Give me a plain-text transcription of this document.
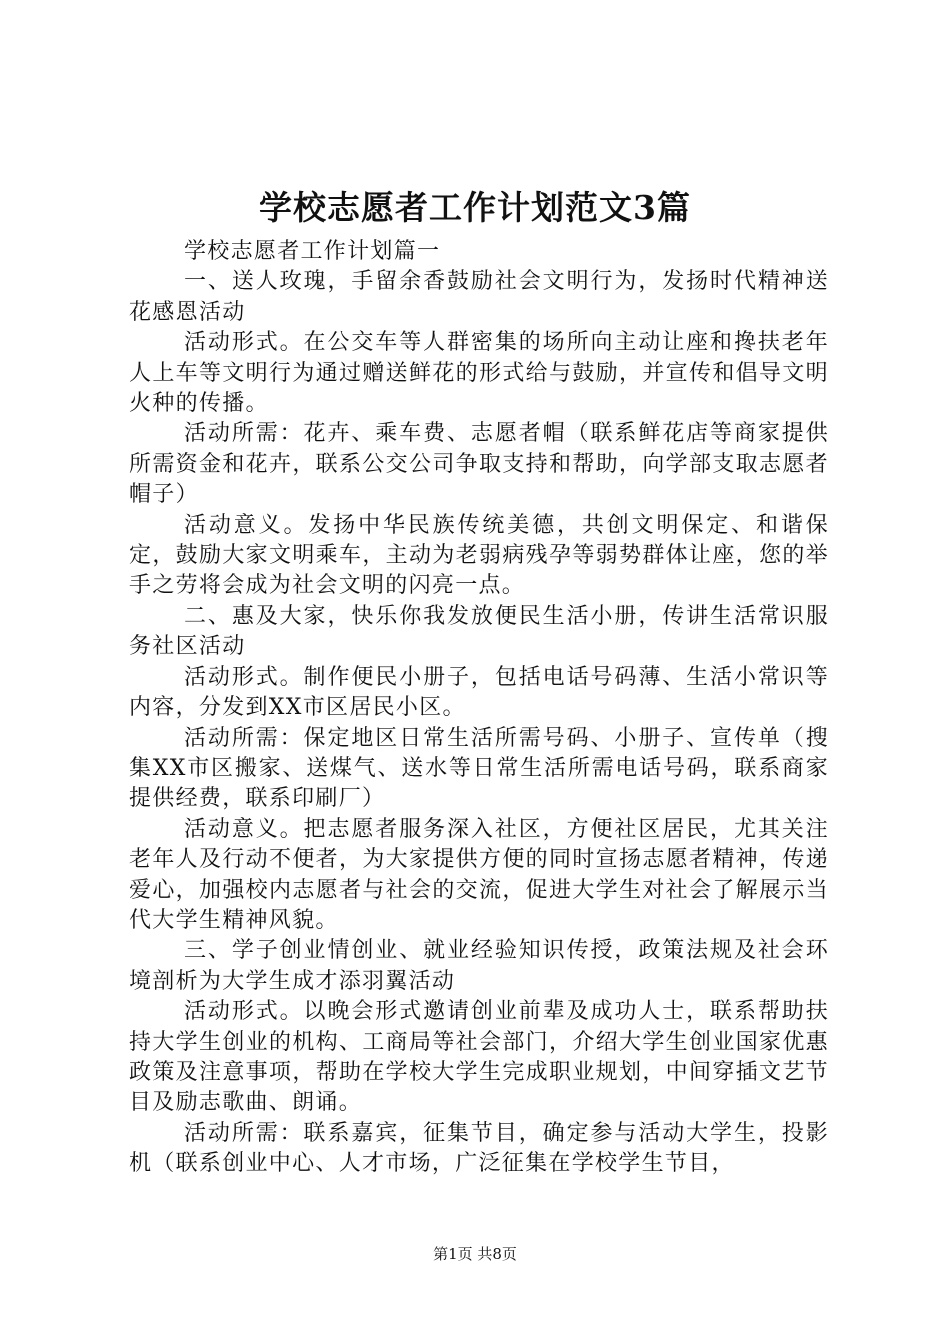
学校志愿者工作计划范文3篇

学校志愿者工作计划篇一

一、送人玫瑰，手留余香鼓励社会文明行为，发扬时代精神送花感恩活动

活动形式。在公交车等人群密集的场所向主动让座和搀扶老年人上车等文明行为通过赠送鲜花的形式给与鼓励，并宣传和倡导文明火种的传播。

活动所需：花卉、乘车费、志愿者帽（联系鲜花店等商家提供所需资金和花卉，联系公交公司争取支持和帮助，向学部支取志愿者帽子）

活动意义。发扬中华民族传统美德，共创文明保定、和谐保定，鼓励大家文明乘车，主动为老弱病残孕等弱势群体让座，您的举手之劳将会成为社会文明的闪亮一点。

二、惠及大家，快乐你我发放便民生活小册，传讲生活常识服务社区活动

活动形式。制作便民小册子，包括电话号码薄、生活小常识等内容，分发到XX市区居民小区。

活动所需：保定地区日常生活所需号码、小册子、宣传单（搜集XX市区搬家、送煤气、送水等日常生活所需电话号码，联系商家提供经费，联系印刷厂）

活动意义。把志愿者服务深入社区，方便社区居民，尤其关注老年人及行动不便者，为大家提供方便的同时宣扬志愿者精神，传递爱心，加强校内志愿者与社会的交流，促进大学生对社会了解展示当代大学生精神风貌。

三、学子创业情创业、就业经验知识传授，政策法规及社会环境剖析为大学生成才添羽翼活动

活动形式。以晚会形式邀请创业前辈及成功人士，联系帮助扶持大学生创业的机构、工商局等社会部门，介绍大学生创业国家优惠政策及注意事项，帮助在学校大学生完成职业规划，中间穿插文艺节目及励志歌曲、朗诵。

活动所需：联系嘉宾，征集节目，确定参与活动大学生，投影机（联系创业中心、人才市场，广泛征集在学校学生节目，

第1页 共8页
